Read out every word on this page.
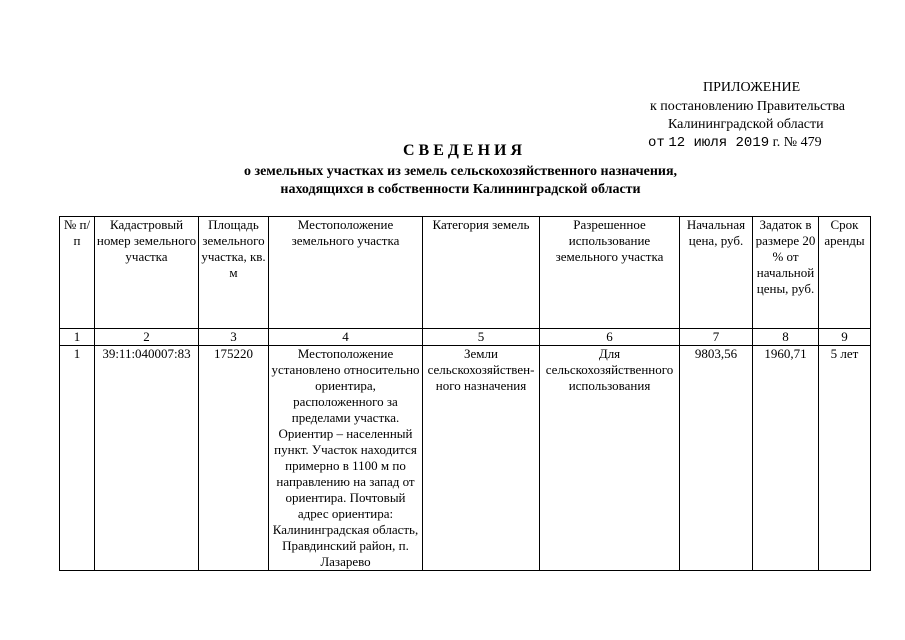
ПРИЛОЖЕНИЕ
к постановлению Правительства
Калининградской области
от 12 июля 2019 г. № 479
СВЕДЕНИЯ
о земельных участках из земель сельскохозяйственного назначения,
находящихся в собственности Калининградской области
№ п/п	Кадастровый номер земельного участка	Площадь земельного участка, кв. м	Местоположение земельного участка	Категория земель	Разрешенное использование земельного участка	Начальная цена, руб.	Задаток в размере 20 % от начальной цены, руб.	Срок аренды
1	2	3	4	5	6	7	8	9
1	39:11:040007:83	175220	Местоположение установлено относительно ориентира, расположенного за пределами участка. Ориентир – населенный пункт. Участок находится примерно в 1100 м по направлению на запад от ориентира. Почтовый адрес ориентира: Калининградская область, Правдинский район, п. Лазарево	Земли сельскохозяйствен-ного назначения	Для сельскохозяйственного использования	9803,56	1960,71	5 лет
